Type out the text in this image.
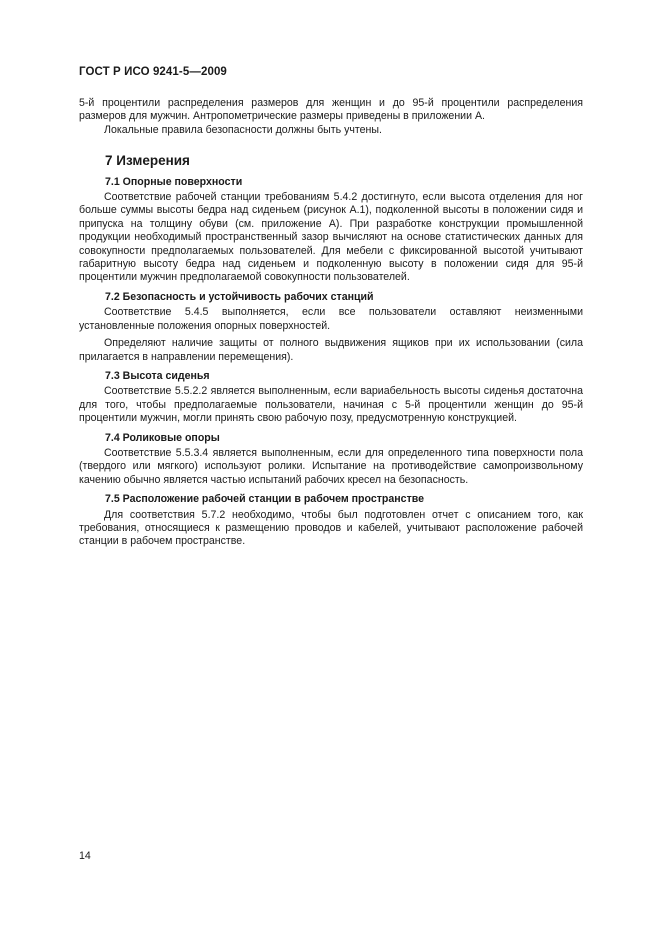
ГОСТ Р ИСО 9241-5—2009

5-й процентили распределения размеров для женщин и до 95-й процентили распределения размеров для мужчин. Антропометрические размеры приведены в приложении А.

Локальные правила безопасности должны быть учтены.

7 Измерения
7.1 Опорные поверхности

Соответствие рабочей станции требованиям 5.4.2 достигнуто, если высота отделения для ног больше суммы высоты бедра над сиденьем (рисунок А.1), подколенной высоты в положении сидя и припуска на толщину обуви (см. приложение А). При разработке конструкции промышленной продукции необходимый пространственный зазор вычисляют на основе статистических данных для совокупности предполагаемых пользователей. Для мебели с фиксированной высотой учитывают габаритную высоту бедра над сиденьем и подколенную высоту в положении сидя для 95-й процентили мужчин предполагаемой совокупности пользователей.

7.2 Безопасность и устойчивость рабочих станций

Соответствие 5.4.5 выполняется, если все пользователи оставляют неизменными установленные положения опорных поверхностей.

Определяют наличие защиты от полного выдвижения ящиков при их использовании (сила прилагается в направлении перемещения).

7.3 Высота сиденья

Соответствие 5.5.2.2 является выполненным, если вариабельность высоты сиденья достаточна для того, чтобы предполагаемые пользователи, начиная с 5-й процентили женщин до 95-й процентили мужчин, могли принять свою рабочую позу, предусмотренную конструкцией.

7.4 Роликовые опоры

Соответствие 5.5.3.4 является выполненным, если для определенного типа поверхности пола (твердого или мягкого) используют ролики. Испытание на противодействие самопроизвольному качению обычно является частью испытаний рабочих кресел на безопасность.

7.5 Расположение рабочей станции в рабочем пространстве

Для соответствия 5.7.2 необходимо, чтобы был подготовлен отчет с описанием того, как требования, относящиеся к размещению проводов и кабелей, учитывают расположение рабочей станции в рабочем пространстве.

14
